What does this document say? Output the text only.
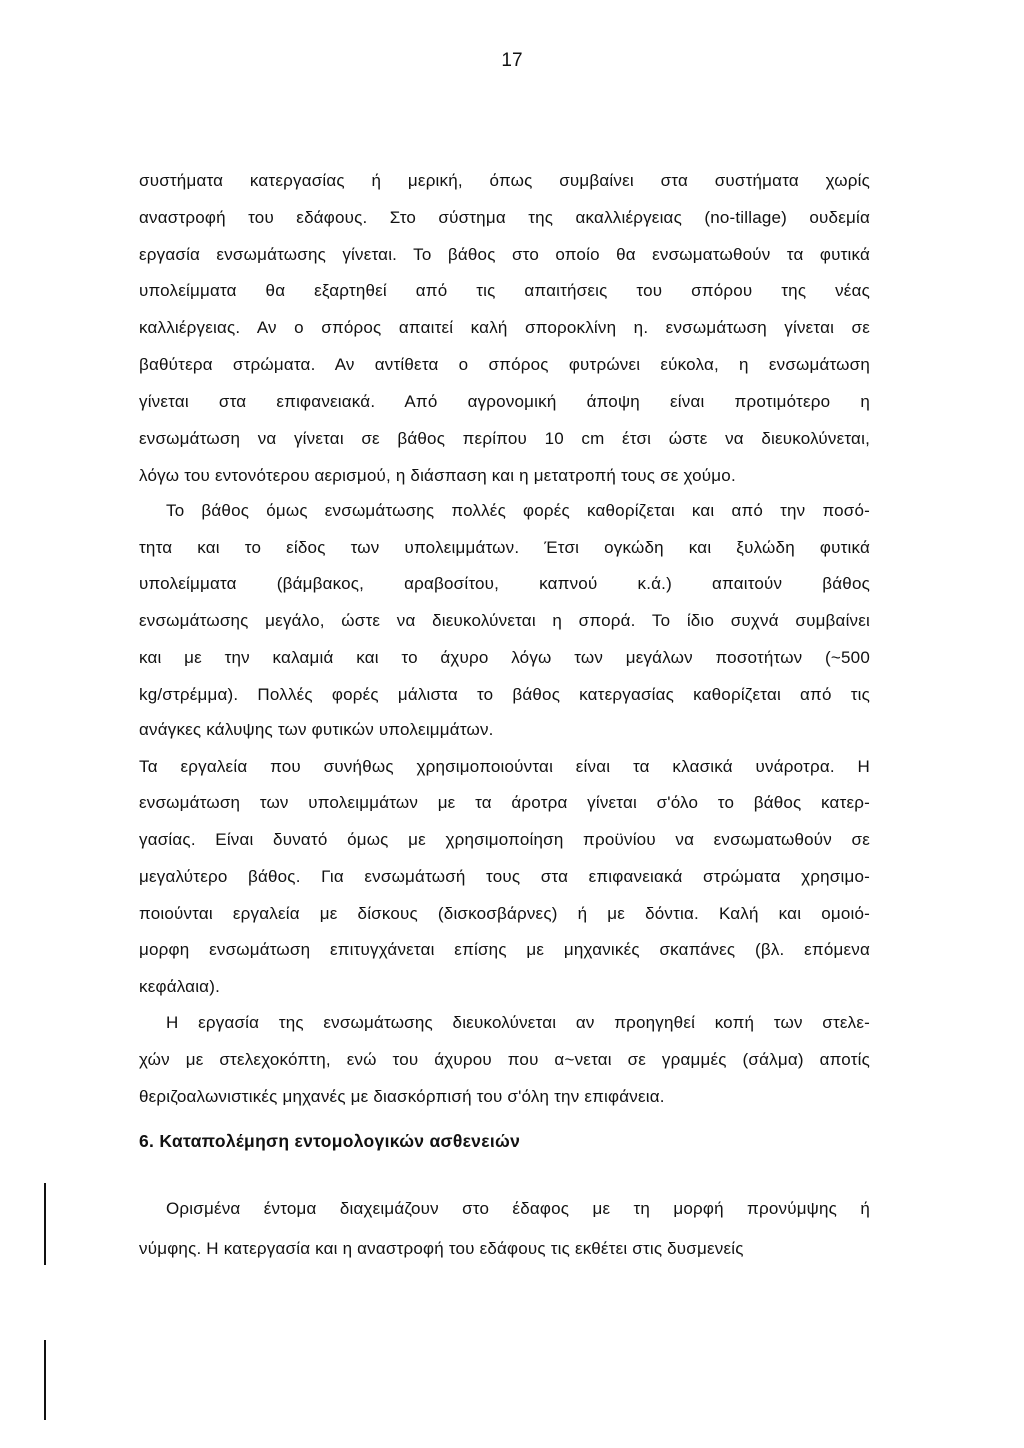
17
συστήματα κατεργασίας ή μερική, όπως συμβαίνει στα συστήματα χωρίς
αναστροφή του εδάφους. Στο σύστημα της ακαλλιέργειας (no-tillage) ουδεμία
εργασία ενσωμάτωσης γίνεται. Το βάθος στο οποίο θα ενσωματωθούν τα φυτικά
υπολείμματα θα εξαρτηθεί από τις απαιτήσεις του σπόρου της νέας
καλλιέργειας. Αν ο σπόρος απαιτεί καλή σποροκλίνη η. ενσωμάτωση γίνεται σε
βαθύτερα στρώματα. Αν αντίθετα ο σπόρος φυτρώνει εύκολα, η ενσωμάτωση
γίνεται στα επιφανειακά. Από αγρονομική άποψη είναι προτιμότερο η
ενσωμάτωση να γίνεται σε βάθος περίπου 10 cm έτσι ώστε να διευκολύνεται,
λόγω του εντονότερου αερισμού, η διάσπαση και η μετατροπή τους σε χούμο.
Το βάθος όμως ενσωμάτωσης πολλές φορές καθορίζεται και από την ποσό-
τητα και το είδος των υπολειμμάτων. Έτσι ογκώδη και ξυλώδη φυτικά
υπολείμματα (βάμβακος, αραβοσίτου, καπνού κ.ά.) απαιτούν βάθος
ενσωμάτωσης μεγάλο, ώστε να διευκολύνεται η σπορά. Το ίδιο συχνά συμβαίνει
και με την καλαμιά και το άχυρο λόγω των μεγάλων ποσοτήτων (~500
kg/στρέμμα). Πολλές φορές μάλιστα το βάθος κατεργασίας καθορίζεται από τις
ανάγκες κάλυψης των φυτικών υπολειμμάτων.
Τα εργαλεία που συνήθως χρησιμοποιούνται είναι τα κλασικά υνάροτρα. Η
ενσωμάτωση των υπολειμμάτων με τα άροτρα γίνεται σ'όλο το βάθος κατερ-
γασίας. Είναι δυνατό όμως με χρησιμοποίηση προϋνίου να ενσωματωθούν σε
μεγαλύτερο βάθος. Για ενσωμάτωσή τους στα επιφανειακά στρώματα χρησιμο-
ποιούνται εργαλεία με δίσκους (δισκοσβάρνες) ή με δόντια. Καλή και ομοιό-
μορφη ενσωμάτωση επιτυγχάνεται επίσης με μηχανικές σκαπάνες (βλ. επόμενα
κεφάλαια).
Η εργασία της ενσωμάτωσης διευκολύνεται αν προηγηθεί κοπή των στελε-
χών με στελεχοκόπτη, ενώ του άχυρου που α~νεται σε γραμμές (σάλμα) αποτίς
θεριζοαλωνιστικές μηχανές με διασκόρπισή του σ'όλη την επιφάνεια.
6. Καταπολέμηση εντομολογικών ασθενειών
Ορισμένα έντομα διαχειμάζουν στο έδαφος με τη μορφή προνύμψης ή
νύμφης. Η κατεργασία και η αναστροφή του εδάφους τις εκθέτει στις δυσμενείς
